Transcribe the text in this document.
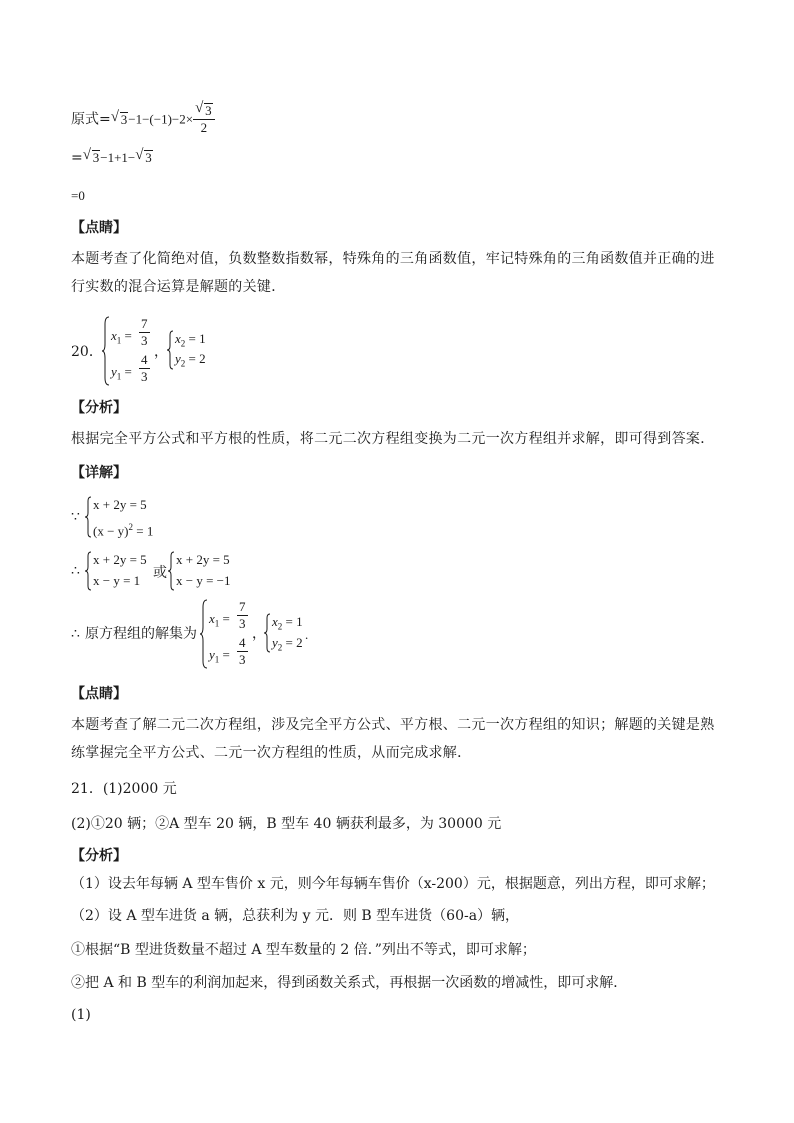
原式= √ 3−1−(−1)−2× √ $\frac{3}{2}$
= √ 3−1+1− √ 3
=0
【点睛】
本题考查了化简绝对值，负数整数指数幂，特殊角的三角函数值，牢记特殊角的三角函数值并正确的进行实数的混合运算是解题的关键．
20．
$x_1 = \frac{7}{3}$
$y_1 = \frac{4}{3}$ ，
$x_2 = 1$
$y_2 = 2$
【分析】
根据完全平方公式和平方根的性质，将二元二次方程组变换为二元一次方程组并求解，即可得到答案．
【详解】
∵
x + 2y = 5
$(x - y)^2 = 1$
∴
x + 2y = 5
x − y = 1 或
x + 2y = 5
x − y = −1
∴ 原方程组的解集为
$x_1 = \frac{7}{3}$
$y_1 = \frac{4}{3}$
，
$x_2 = 1$
$y_2 = 2$
.
【点睛】
本题考查了解二元二次方程组，涉及完全平方公式、平方根、二元一次方程组的知识；解题的关键是熟练掌握完全平方公式、二元一次方程组的性质，从而完成求解．
21．(1)2000 元
(2)①20 辆；②A 型车 20 辆，B 型车 40 辆获利最多，为 30000 元
【分析】
（1）设去年每辆 A 型车售价 x 元，则今年每辆车售价（x-200）元，根据题意，列出方程，即可求解；
（2）设 A 型车进货 a 辆，总获利为 y 元．则 B 型车进货（60-a）辆，
①根据“B 型进货数量不超过 A 型车数量的 2 倍．”列出不等式，即可求解；
②把 A 和 B 型车的利润加起来，得到函数关系式，再根据一次函数的增减性，即可求解．
(1)
